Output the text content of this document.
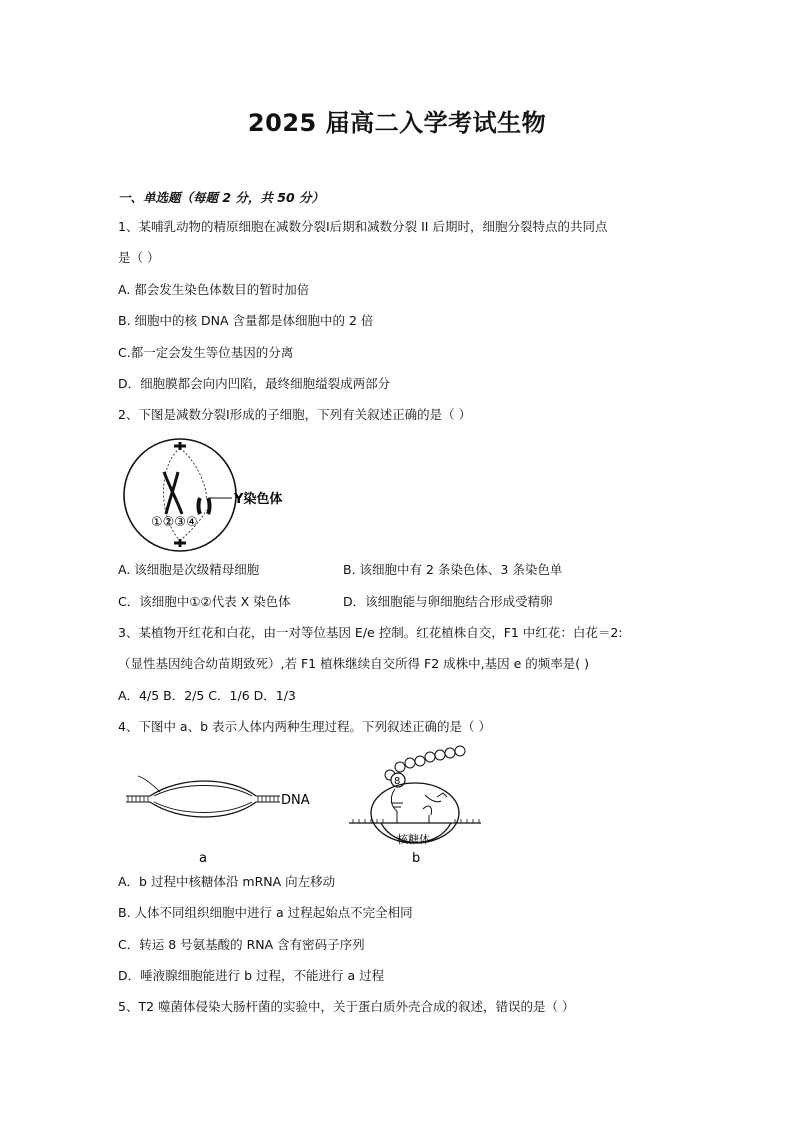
2025 届高二入学考试生物
一、单选题（每题 2 分，共 50 分）
1、某哺乳动物的精原细胞在减数分裂Ⅰ后期和减数分裂 II 后期时，细胞分裂特点的共同点
是（ ）
A. 都会发生染色体数目的暂时加倍
B. 细胞中的核 DNA 含量都是体细胞中的 2 倍
C.都一定会发生等位基因的分离
D．细胞膜都会向内凹陷，最终细胞缢裂成两部分
2、下图是减数分裂Ⅰ形成的子细胞，下列有关叙述正确的是（ ）
Y染色体
①②③④
A. 该细胞是次级精母细胞	B. 该细胞中有 2 条染色体、3 条染色单
C．该细胞中①②代表 X 染色体	D．该细胞能与卵细胞结合形成受精卵
3、某植物开红花和白花，由一对等位基因 E/e 控制。红花植株自交，F1 中红花：白花＝2:
（显性基因纯合幼苗期致死）,若 F1 植株继续自交所得 F2 成株中,基因 e 的频率是( )
A．4/5 B．2/5 C．1/6 D．1/3
4、下图中 a、b 表示人体内两种生理过程。下列叙述正确的是（ ）
DNA
a
8
核糖体
b
A．b 过程中核糖体沿 mRNA 向左移动
B. 人体不同组织细胞中进行 a 过程起始点不完全相同
C．转运 8 号氨基酸的 RNA 含有密码子序列
D．唾液腺细胞能进行 b 过程，不能进行 a 过程
5、T2 噬菌体侵染大肠杆菌的实验中，关于蛋白质外壳合成的叙述，错误的是（ ）
